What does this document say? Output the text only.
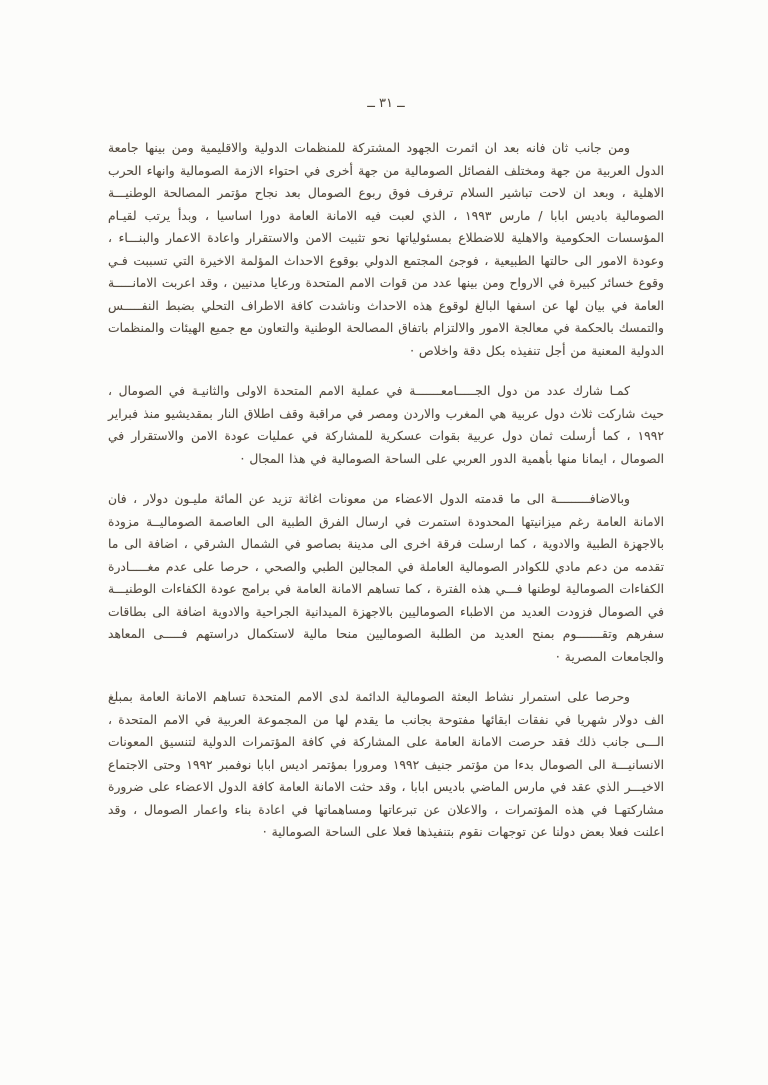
ــ ٣١ ــ

ومن جانب ثان فانه بعد ان اثمرت الجهود المشتركة للمنظمات الدولية والاقليمية ومن بينها جامعة الدول العربية من جهة ومختلف الفصائل الصومالية من جهة أخرى في احتواء الازمة الصومالية وانهاء الحرب الاهلية ، وبعد ان لاحت تباشير السلام ترفرف فوق ربوع الصومال بعد نجاح مؤتمر المصالحة الوطنيـــة الصومالية باديس ابابا / مارس ١٩٩٣ ، الذي لعبت فيه الامانة العامة دورا اساسيا ، وبدأ يرتب لقيـام المؤسسات الحكومية والاهلية للاضطلاع بمسئولياتها نحو تثبيت الامن والاستقرار واعادة الاعمار والبنـــاء ، وعودة الامور الى حالتها الطبيعية ، فوجئ المجتمع الدولي بوقوع الاحداث المؤلمة الاخيرة التي تسببت فـي وقوع خسائر كبيرة في الارواح ومن بينها عدد من قوات الامم المتحدة ورعايا مدنيين ، وقد اعربت الامانـــــة العامة في بيان لها عن اسفها البالغ لوقوع هذه الاحداث وناشدت كافة الاطراف التحلي بضبط النفـــــس والتمسك بالحكمة في معالجة الامور والالتزام باتفاق المصالحة الوطنية والتعاون مع جميع الهيئات والمنظمات الدولية المعنية من أجل تنفيذه بكل دقة واخلاص ·

كمـا شارك عدد من دول الجـــــامعـــــــة في عملية الامم المتحدة الاولى والثانيـة في الصومال ، حيث شاركت ثلاث دول عربية هي المغرب والاردن ومصر في مراقبة وقف اطلاق النار بمقديشيو منذ فبراير ١٩٩٢ ، كما أرسلت ثمان دول عربية بقوات عسكرية للمشاركة في عمليات عودة الامن والاستقرار في الصومال ، ايمانا منها بأهمية الدور العربي على الساحة الصومالية في هذا المجال ·

وبالاضافـــــــــة الى ما قدمته الدول الاعضاء من معونات اغاثة تزيد عن المائة مليـون دولار ، فان الامانة العامة رغم ميزانيتها المحدودة استمرت في ارسال الفرق الطبية الى العاصمة الصوماليــة مزودة بالاجهزة الطبية والادوية ، كما ارسلت فرقة اخرى الى مدينة بصاصو في الشمال الشرقي ، اضافة الى ما تقدمه من دعم مادي للكوادر الصومالية العاملة في المجالين الطبي والصحي ، حرصا على عدم مغـــــادرة الكفاءات الصومالية لوطنها فـــي هذه الفترة ، كما تساهم الامانة العامة في برامج عودة الكفاءات الوطنيـــة في الصومال فزودت العديد من الاطباء الصوماليين بالاجهزة الميدانية الجراحية والادوية اضافة الى بطاقات سفرهم وتقـــــــوم بمنح العديد من الطلبة الصوماليين منحا مالية لاستكمال دراستهم فـــــى المعاهد والجامعات المصرية ·

وحرصا على استمرار نشاط البعثة الصومالية الدائمة لدى الامم المتحدة تساهم الامانة العامة بمبلغ الف دولار شهريا في نفقات ابقائها مفتوحة بجانب ما يقدم لها من المجموعة العربية في الامم المتحدة ، الـــى جانب ذلك فقد حرصت الامانة العامة على المشاركة في كافة المؤتمرات الدولية لتنسيق المعونات الانسانيـــة الى الصومال بدءا من مؤتمر جنيف ١٩٩٢ ومرورا بمؤتمر اديس ابابا نوفمبر ١٩٩٢ وحتى الاجتماع الاخيـــر الذي عقد في مارس الماضي باديس ابابا ، وقد حثت الامانة العامة كافة الدول الاعضاء على ضرورة مشاركتهـا في هذه المؤتمرات ، والاعلان عن تبرعاتها ومساهماتها في اعادة بناء واعمار الصومال ، وقد اعلنت فعلا بعض دولنا عن توجهات نقوم بتنفيذها فعلا على الساحة الصومالية ·
